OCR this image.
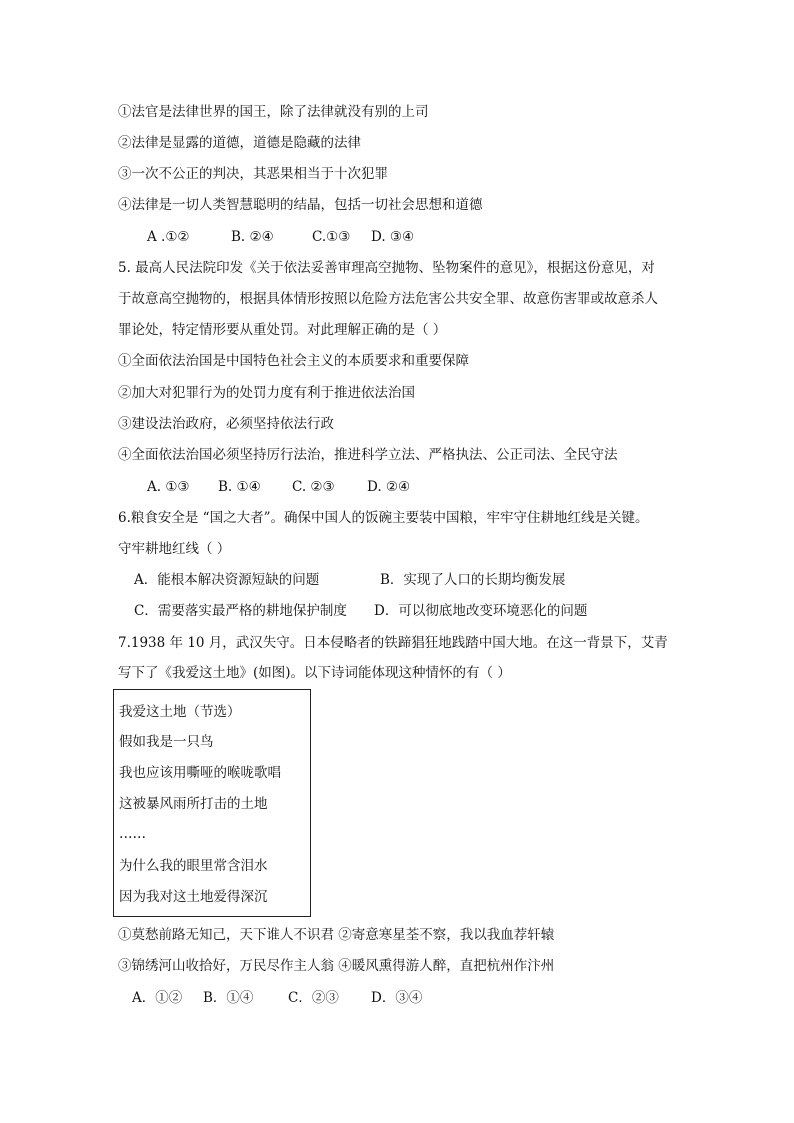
①法官是法律世界的国王，除了法律就没有别的上司
②法律是显露的道德，道德是隐藏的法律
③一次不公正的判决，其恶果相当于十次犯罪
④法律是一切人类智慧聪明的结晶，包括一切社会思想和道德
A .①②	B. ②④	C.①③ D. ③④
5. 最高人民法院印发《关于依法妥善审理高空抛物、坠物案件的意见》，根据这份意见，对
于故意高空抛物的，根据具体情形按照以危险方法危害公共安全罪、故意伤害罪或故意杀人
罪论处，特定情形要从重处罚。对此理解正确的是（ ）
①全面依法治国是中国特色社会主义的本质要求和重要保障
②加大对犯罪行为的处罚力度有利于推进依法治国
③建设法治政府，必须坚持依法行政
④全面依法治国必须坚持厉行法治，推进科学立法、严格执法、公正司法、全民守法
A. ①③ B. ①④ C. ②③ D. ②④
6.粮食安全是 “国之大者”。确保中国人的饭碗主要装中国粮，牢牢守住耕地红线是关键。
守牢耕地红线（ ）
A．能根本解决资源短缺的问题	B．实现了人口的长期均衡发展
C．需要落实最严格的耕地保护制度 D．可以彻底地改变环境恶化的问题
7.1938 年 10 月，武汉失守。日本侵略者的铁蹄猖狂地践踏中国大地。在这一背景下，艾青
写下了《我爱这土地》(如图)。以下诗词能体现这种情怀的有（ ）
我爱这土地（节选）
假如我是一只鸟
我也应该用嘶哑的喉咙歌唱
这被暴风雨所打击的土地
……
为什么我的眼里常含泪水
因为我对这土地爱得深沉
①莫愁前路无知己，天下谁人不识君 ②寄意寒星荃不察，我以我血荐轩辕
③锦绣河山收拾好，万民尽作主人翁 ④暖风熏得游人醉，直把杭州作汴州
A．①② B．①④	C．②③ D．③④
